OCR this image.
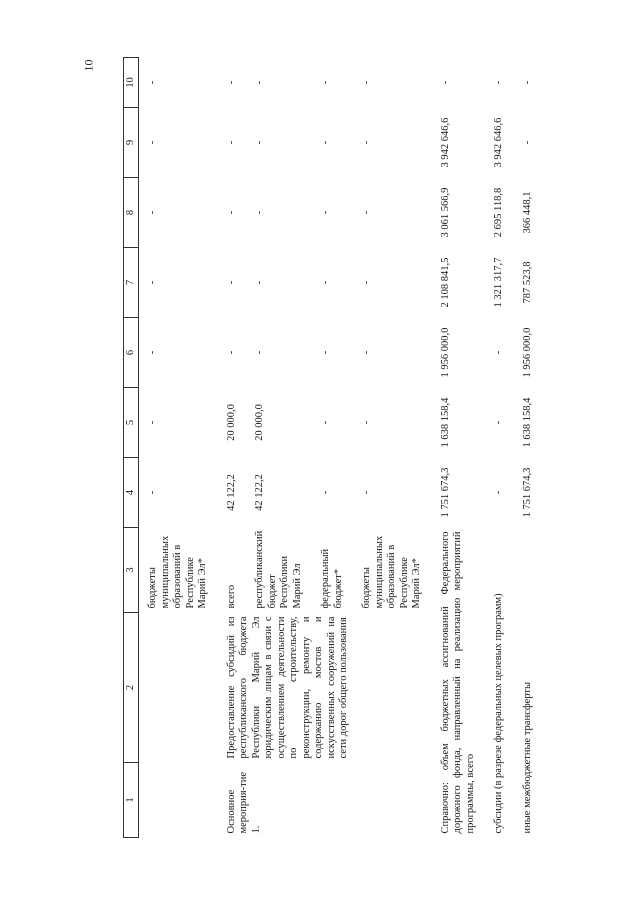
10
1	2	3	4	5	6	7	8	9	10
		бюджеты муниципальных образований в Республике Марий Эл*	-	-	-	-	-	-	-
Основное мероприя-тие 1.	Предоставление субсидий из республиканского бюджета Республики Марий Эл юридическим лицам в связи с осуществлением деятельности по строительству, реконструкции, ремонту и содержанию мостов и искусственных сооружений на сети дорог общего пользования	всего	42 122,2	20 000,0	-	-	-	-	-
		республиканский бюджет Республики Марий Эл	42 122,2	20 000,0	-	-	-	-	-
		федеральный бюджет*	-	-	-	-	-	-	-
		бюджеты муниципальных образований в Республике Марий Эл*	-	-	-	-	-	-	-
Справочно: объем бюджетных ассигнований Федерального дорожного фонда, направленный на реализацию мероприятий программы, всего			1 751 674,3	1 638 158,4	1 956 000,0	2 108 841,5	3 061 566,9	3 942 646,6	-
субсидии (в разрезе федеральных целевых программ)			-	-	-	1 321 317,7	2 695 118,8	3 942 646,6	-
иные межбюджетные трансферты			1 751 674,3	1 638 158,4	1 956 000,0	787 523,8	366 448,1	-	-
